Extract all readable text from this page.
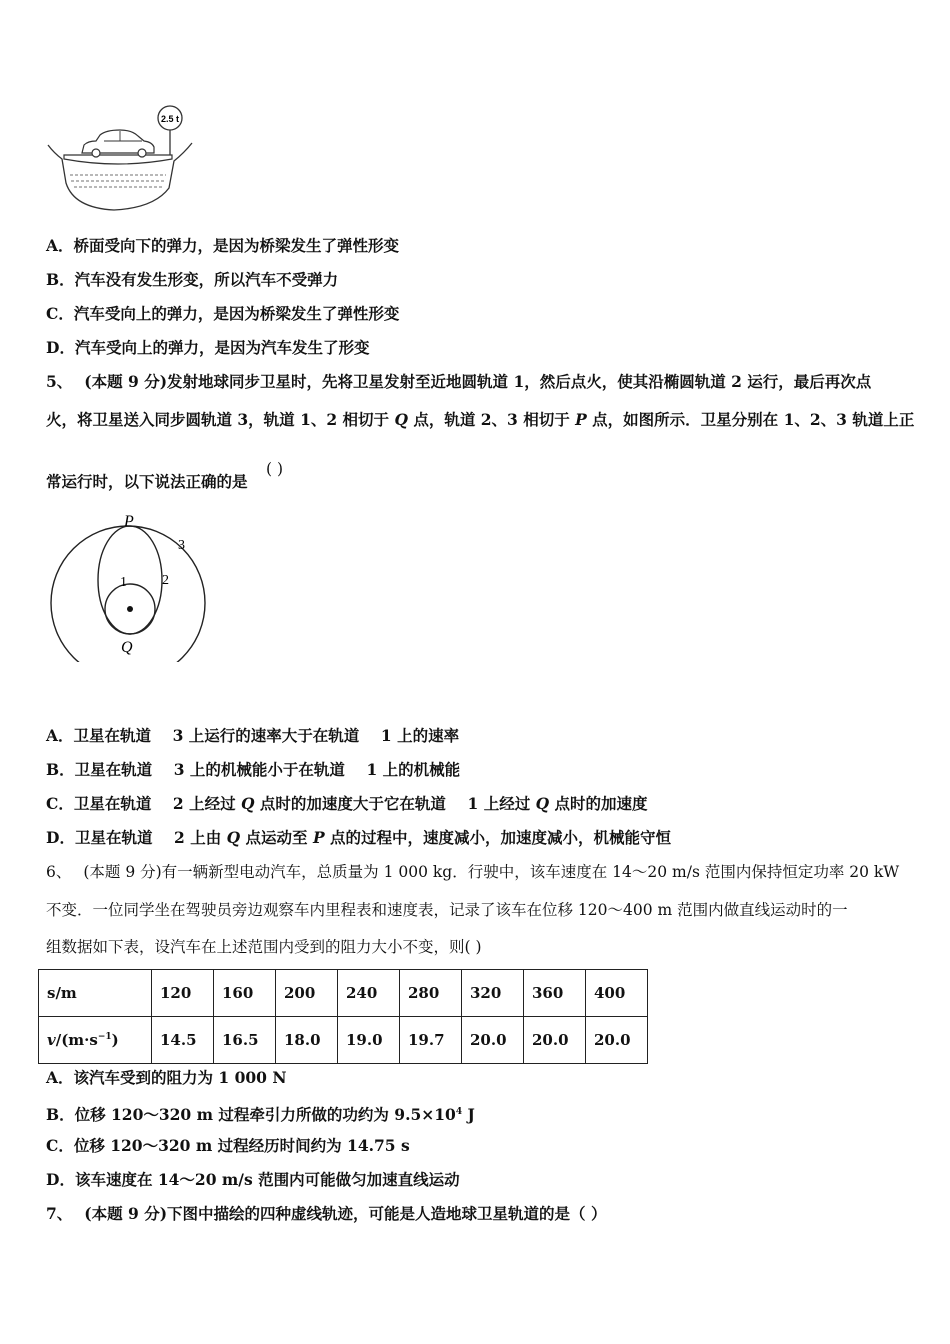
2.5 t
A．桥面受向下的弹力，是因为桥梁发生了弹性形变
B．汽车没有发生形变，所以汽车不受弹力
C．汽车受向上的弹力，是因为桥梁发生了弹性形变
D．汽车受向上的弹力，是因为汽车发生了形变
5、 (本题 9 分)发射地球同步卫星时，先将卫星发射至近地圆轨道 1，然后点火，使其沿椭圆轨道 2 运行，最后再次点
火，将卫星送入同步圆轨道 3，轨道 1、2 相切于 Q 点，轨道 2、3 相切于 P 点，如图所示．卫星分别在 1、2、3 轨道上正
常运行时，以下说法正确的是
( )
P
3
1	2
Q
A．卫星在轨道    3 上运行的速率大于在轨道    1 上的速率
B．卫星在轨道    3 上的机械能小于在轨道    1 上的机械能
C．卫星在轨道    2 上经过 Q 点时的加速度大于它在轨道    1 上经过 Q 点时的加速度
D．卫星在轨道    2 上由 Q 点运动至 P 点的过程中，速度减小，加速度减小，机械能守恒
6、 (本题 9 分)有一辆新型电动汽车，总质量为 1 000 kg．行驶中，该车速度在 14～20 m/s 范围内保持恒定功率 20 kW
不变．一位同学坐在驾驶员旁边观察车内里程表和速度表，记录了该车在位移 120～400 m 范围内做直线运动时的一
组数据如下表，设汽车在上述范围内受到的阻力大小不变，则( )
s/m	120	160	200	240	280	320	360	400
$v/(m\cdot s^{-1})$	14.5	16.5	18.0	19.0	19.7	20.0	20.0	20.0
A．该汽车受到的阻力为 1 000 N
B．位移 120～320 m 过程牵引力所做的功约为 $9.5\times 10^4$ J
C．位移 120～320 m 过程经历时间约为 14.75 s
D．该车速度在 14～20 m/s 范围内可能做匀加速直线运动
7、 (本题 9 分)下图中描绘的四种虚线轨迹，可能是人造地球卫星轨道的是（ ）
